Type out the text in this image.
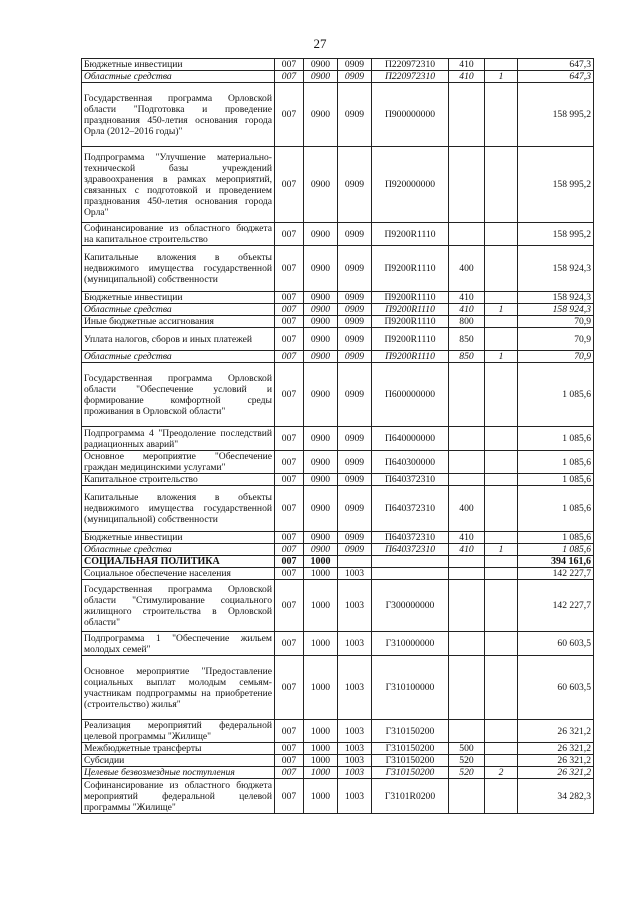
27
Бюджетные инвестиции	007	0900	0909	П220972310	410		647,3
Областные средства	007	0900	0909	П220972310	410	1	647,3
Государственная программа Орловской области "Подготовка и проведение празднования 450-летия основания города Орла (2012–2016 годы)"	007	0900	0909	П900000000			158 995,2
Подпрограмма "Улучшение материально-технической базы учреждений здравоохранения в рамках мероприятий, связанных с подготовкой и проведением празднования 450-летия основания города Орла"	007	0900	0909	П920000000			158 995,2
Софинансирование из областного бюджета на капитальное строительство	007	0900	0909	П9200R1110			158 995,2
Капитальные вложения в объекты недвижимого имущества государственной (муниципальной) собственности	007	0900	0909	П9200R1110	400		158 924,3
Бюджетные инвестиции	007	0900	0909	П9200R1110	410		158 924,3
Областные средства	007	0900	0909	П9200R1110	410	1	158 924,3
Иные бюджетные ассигнования	007	0900	0909	П9200R1110	800		70,9
Уплата налогов, сборов и иных платежей	007	0900	0909	П9200R1110	850		70,9
Областные средства	007	0900	0909	П9200R1110	850	1	70,9
Государственная программа Орловской области "Обеспечение условий и формирование комфортной среды проживания в Орловской области"	007	0900	0909	П600000000			1 085,6
Подпрограмма 4 "Преодоление последствий радиационных аварий"	007	0900	0909	П640000000			1 085,6
Основное мероприятие "Обеспечение граждан медицинскими услугами"	007	0900	0909	П640300000			1 085,6
Капитальное строительство	007	0900	0909	П640372310			1 085,6
Капитальные вложения в объекты недвижимого имущества государственной (муниципальной) собственности	007	0900	0909	П640372310	400		1 085,6
Бюджетные инвестиции	007	0900	0909	П640372310	410		1 085,6
Областные средства	007	0900	0909	П640372310	410	1	1 085,6
СОЦИАЛЬНАЯ ПОЛИТИКА	007	1000					394 161,6
Социальное обеспечение населения	007	1000	1003				142 227,7
Государственная программа Орловской области "Стимулирование социального жилищного строительства в Орловской области"	007	1000	1003	Г300000000			142 227,7
Подпрограмма 1 "Обеспечение жильем молодых семей"	007	1000	1003	Г310000000			60 603,5
Основное мероприятие "Предоставление социальных выплат молодым семьям-участникам подпрограммы на приобретение (строительство) жилья"	007	1000	1003	Г310100000			60 603,5
Реализация мероприятий федеральной целевой программы "Жилище"	007	1000	1003	Г310150200			26 321,2
Межбюджетные трансферты	007	1000	1003	Г310150200	500		26 321,2
Субсидии	007	1000	1003	Г310150200	520		26 321,2
Целевые безвозмездные поступления	007	1000	1003	Г310150200	520	2	26 321,2
Софинансирование из областного бюджета мероприятий федеральной целевой программы "Жилище"	007	1000	1003	Г3101R0200			34 282,3
